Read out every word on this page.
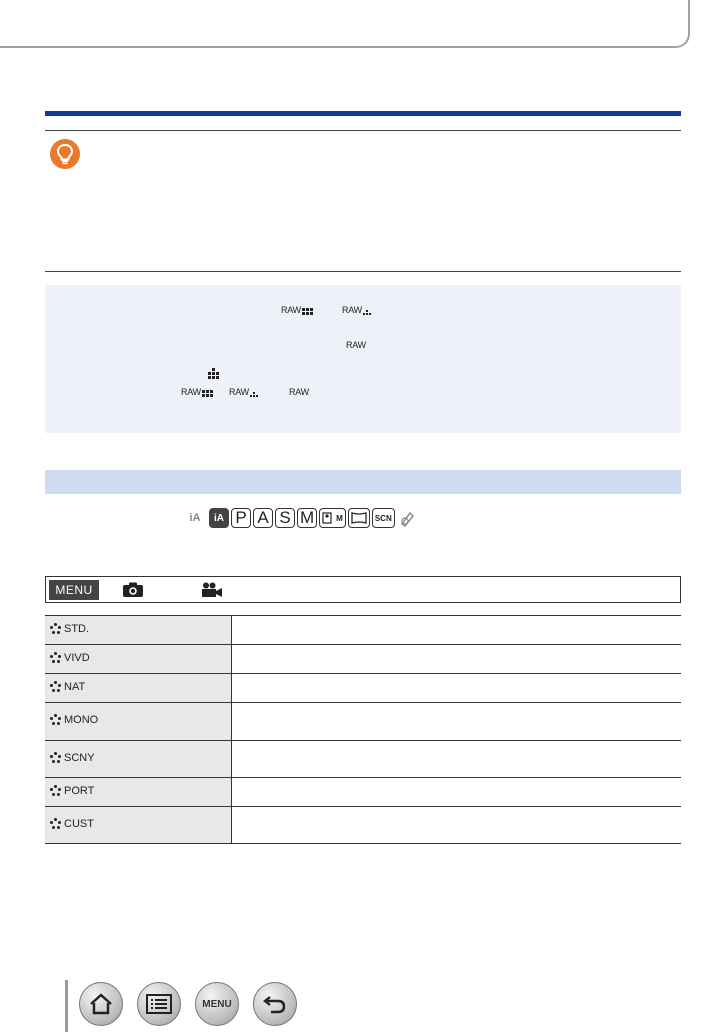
RAW	RAW
RAW
RAW	RAW	RAW
iA	iA P A S M	M	SCN
MENU
STD.	

VIVD	

NAT	

MONO	

SCNY	

PORT	

CUST	

MENU
